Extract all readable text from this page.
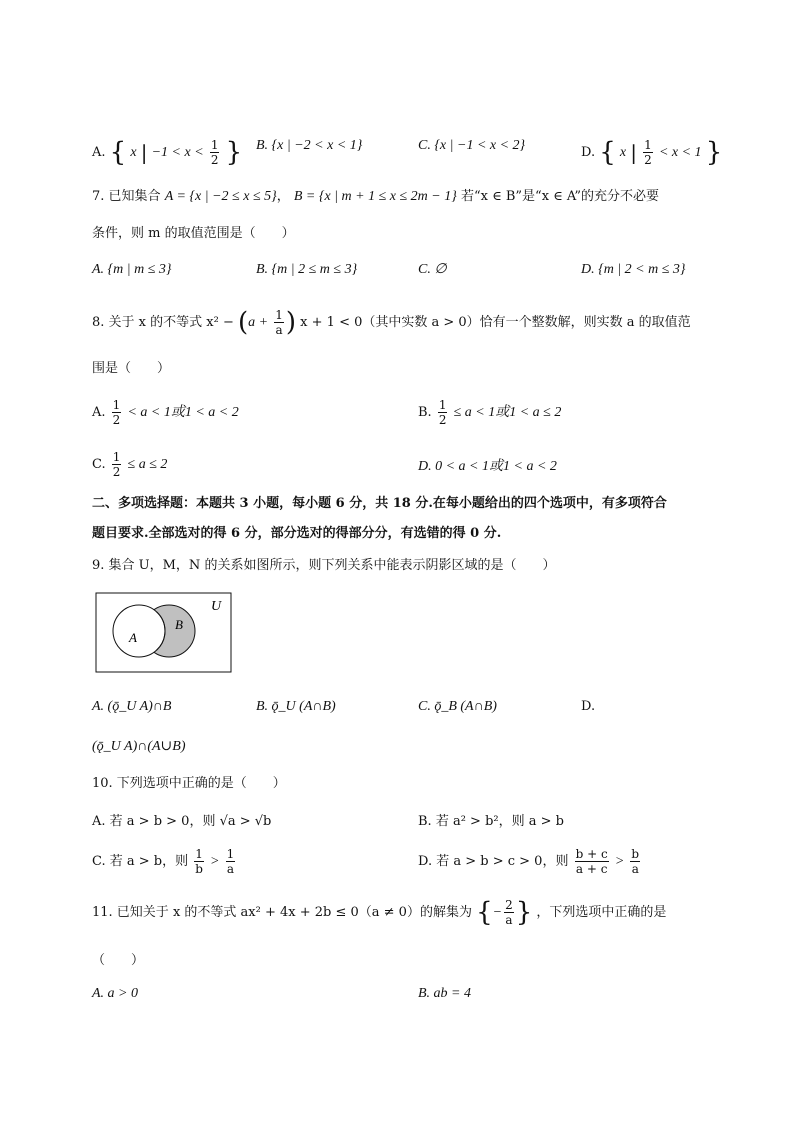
A. { x | $-1 < x < \frac{1}{2}$ } B. {x | −2 < x < 1}	C. {x | −1 < x < 2}	D. { x | $\frac{1}{2} < x < 1$ }
7. 已知集合 A = {x | −2 ≤ x ≤ 5}， B = {x | m + 1 ≤ x ≤ 2m − 1} 若“x ∈ B”是“x ∈ A”的充分不必要
条件，则 m 的取值范围是（　　）
A. {m | m ≤ 3}	B. {m | 2 ≤ m ≤ 3}	C. ∅	D. {m | 2 < m ≤ 3}
8. 关于 x 的不等式 $x^2 - (a + \frac{1}{a}$ ) x + 1 < 0（其中实数 a > 0）恰有一个整数解，则实数 a 的取值范
围是（　　）
A. $\frac{1}{2} < a < 1$或1 < a < 2	B. $\frac{1}{2} \le a < 1$或1 < a ≤ 2
C. $\frac{1}{2} \le a \le 2$	D. 0 < a < 1或1 < a < 2
二、多项选择题：本题共 3 小题，每小题 6 分，共 18 分.在每小题给出的四个选项中，有多项符合
题目要求.全部选对的得 6 分，部分选对的得部分分，有选错的得 0 分.
9. 集合 U，M，N 的关系如图所示，则下列关系中能表示阴影区域的是（　　）
U
A
B
A. (ǭ_U A)∩B	B. ǭ_U (A∩B)	C. ǭ_B (A∩B)	D.
(ǭ_U A)∩(A∪B)
10. 下列选项中正确的是（　　）
A. 若 a > b > 0，则 √a > √b	B. 若 a² > b²，则 a > b
C. 若 a > b，则 $\frac{1}{b} > \frac{1}{a}$	D. 若 a > b > c > 0，则 $\frac{b + c}{a + c} > \frac{b}{a}$
11. 已知关于 x 的不等式 ax² + 4x + 2b ≤ 0（a ≠ 0）的解集为 {− $\frac{2}{a}$ } ，下列选项中正确的是
（　　）
A. a > 0	B. ab = 4
